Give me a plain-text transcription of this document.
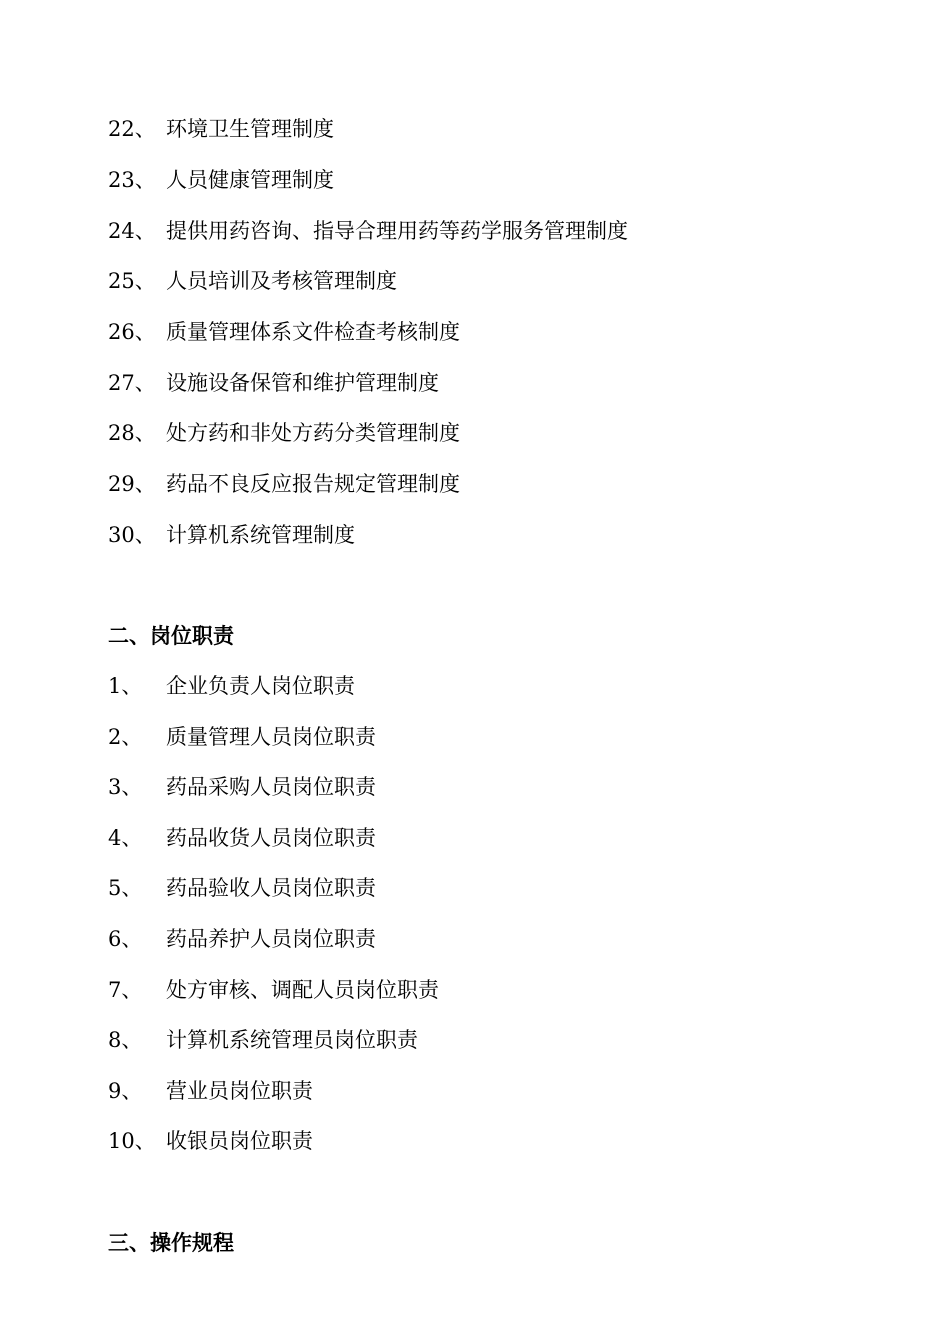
22、 环境卫生管理制度
23、 人员健康管理制度
24、 提供用药咨询、指导合理用药等药学服务管理制度
25、 人员培训及考核管理制度
26、 质量管理体系文件检查考核制度
27、 设施设备保管和维护管理制度
28、 处方药和非处方药分类管理制度
29、 药品不良反应报告规定管理制度
30、 计算机系统管理制度
二、岗位职责
1、 企业负责人岗位职责
2、 质量管理人员岗位职责
3、 药品采购人员岗位职责
4、 药品收货人员岗位职责
5、 药品验收人员岗位职责
6、 药品养护人员岗位职责
7、 处方审核、调配人员岗位职责
8、 计算机系统管理员岗位职责
9、 营业员岗位职责
10、 收银员岗位职责
三、操作规程
